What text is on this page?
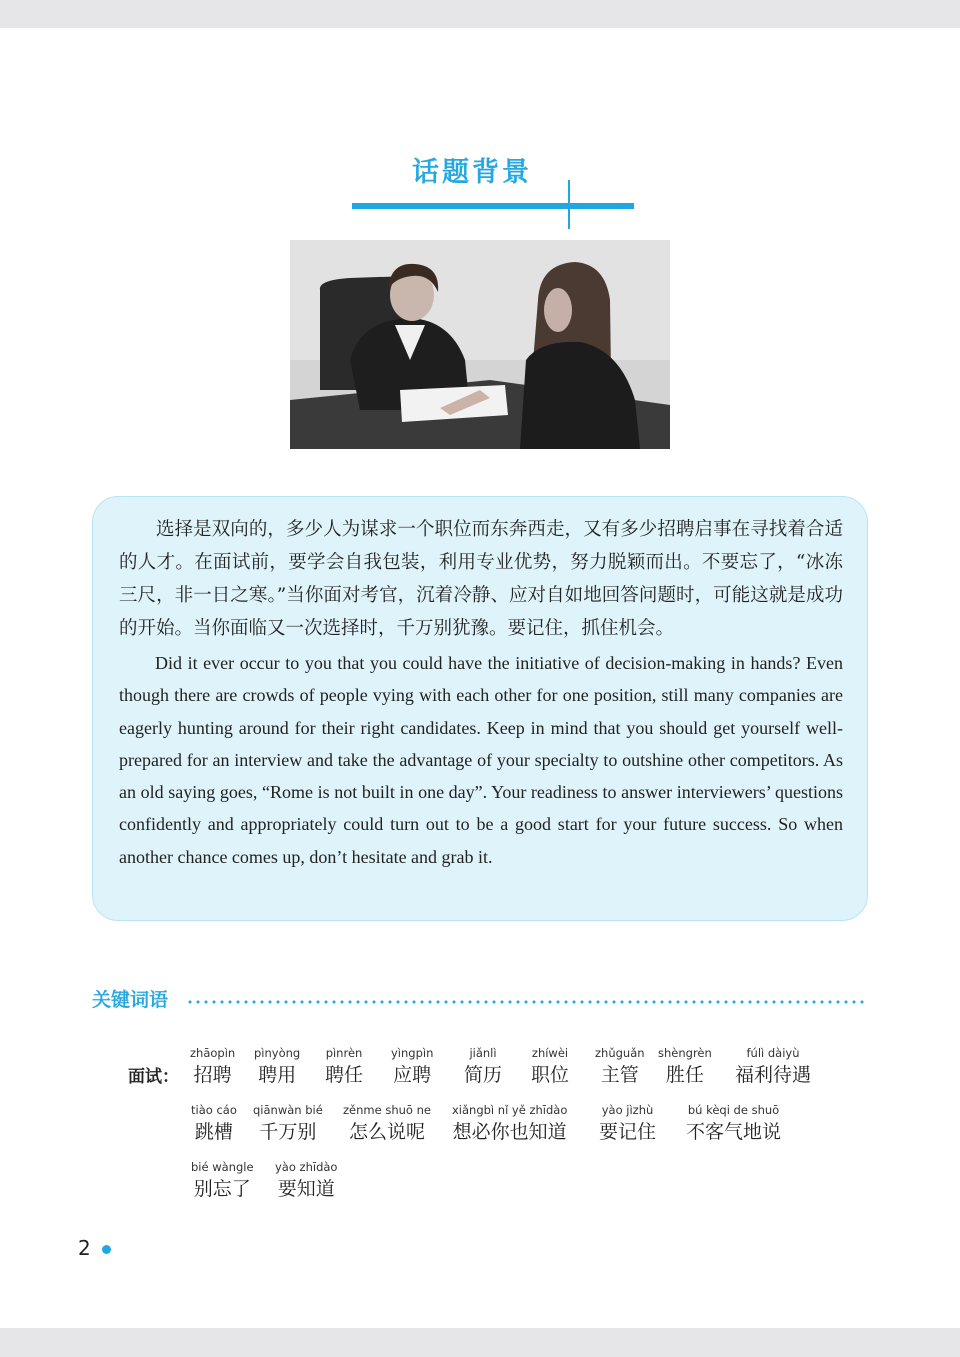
话题背景

选择是双向的，多少人为谋求一个职位而东奔西走，又有多少招聘启事在寻找着合适的人才。在面试前，要学会自我包装，利用专业优势，努力脱颖而出。不要忘了，“冰冻三尺，非一日之寒。”当你面对考官，沉着冷静、应对自如地回答问题时，可能这就是成功的开始。当你面临又一次选择时，千万别犹豫。要记住，抓住机会。

Did it ever occur to you that you could have the initiative of decision-making in hands? Even though there are crowds of people vying with each other for one position, still many companies are eagerly hunting around for their right candidates. Keep in mind that you should get yourself well-prepared for an interview and take the advantage of your specialty to outshine other competitors. As an old saying goes, “Rome is not built in one day”. Your readiness to answer interviewers’ questions confidently and appropriately could turn out to be a good start for your future success. So when another chance comes up, don’t hesitate and grab it.

关键词语
面试：
zhāopìn
招聘
pìnyòng
聘用
pìnrèn
聘任
yìngpìn
应聘
jiǎnlì
简历
zhíwèi
职位
zhǔguǎn
主管
shèngrèn
胜任
fúlì dàiyù
福利待遇
tiào cáo
跳槽
qiānwàn bié
千万别
zěnme shuō ne
怎么说呢
xiǎngbì nǐ yě zhīdào
想必你也知道
yào jìzhù
要记住
bú kèqi de shuō
不客气地说
bié wàngle
别忘了
yào zhīdào
要知道
2
